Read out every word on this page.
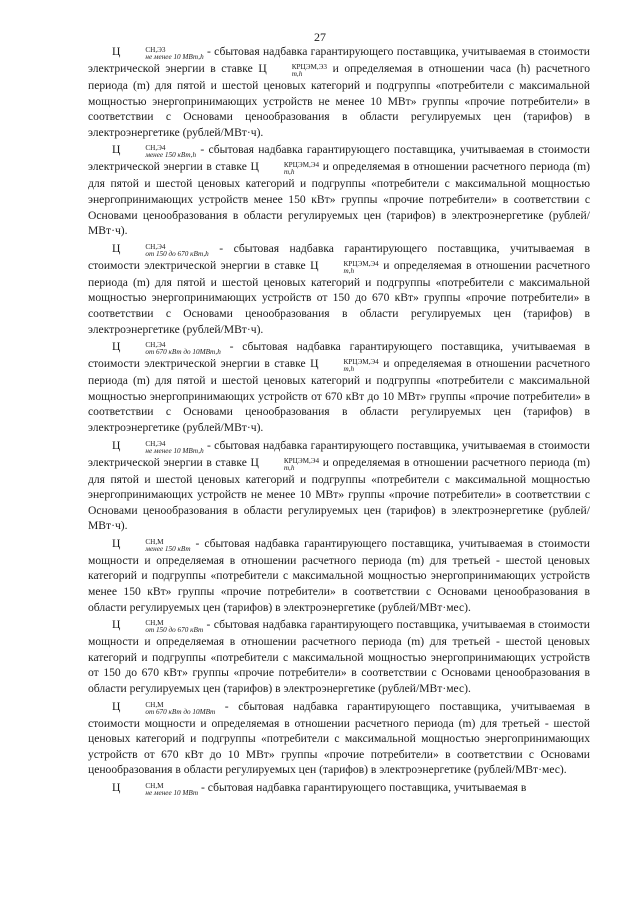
27

Ц	СН,Э3
не менее 10 МВт,h - сбытовая надбавка гарантирующего поставщика, учитываемая в стоимости электрической энергии в ставке Ц	КРЦЭМ,Э3
m,h	и определяемая в отношении часа (h) расчетного периода (m) для пятой и шестой ценовых категорий и подгруппы «потребители с максимальной мощностью энергопринимающих устройств не менее 10 МВт» группы «прочие потребители» в соответствии с Основами ценообразования в области регулируемых цен (тарифов) в электроэнергетике (рублей/МВт·ч).

Ц	СН,Э4
менее 150 кВт,h - сбытовая надбавка гарантирующего поставщика, учитываемая в стоимости электрической энергии в ставке Ц	КРЦЭМ,Э4
m,h	и определяемая в отношении расчетного периода (m) для пятой и шестой ценовых категорий и подгруппы «потребители с максимальной мощностью энергопринимающих устройств менее 150 кВт» группы «прочие потребители» в соответствии с Основами ценообразования в области регулируемых цен (тарифов) в электроэнергетике (рублей/МВт·ч).

Ц	СН,Э4
от 150 до 670 кВт,h - сбытовая надбавка гарантирующего поставщика, учитываемая в стоимости электрической энергии в ставке Ц	КРЦЭМ,Э4
m,h	и определяемая в отношении расчетного периода (m) для пятой и шестой ценовых категорий и подгруппы «потребители с максимальной мощностью энергопринимающих устройств от 150 до 670 кВт» группы «прочие потребители» в соответствии с Основами ценообразования в области регулируемых цен (тарифов) в электроэнергетике (рублей/МВт·ч).

Ц	СН,Э4
от 670 кВт до 10МВт,h - сбытовая надбавка гарантирующего поставщика, учитываемая в стоимости электрической энергии в ставке Ц	КРЦЭМ,Э4
m,h	и определяемая в отношении расчетного периода (m) для пятой и шестой ценовых категорий и подгруппы «потребители с максимальной мощностью энергопринимающих устройств от 670 кВт до 10 МВт» группы «прочие потребители» в соответствии с Основами ценообразования в области регулируемых цен (тарифов) в электроэнергетике (рублей/МВт·ч).

Ц	СН,Э4
не менее 10 МВт,h - сбытовая надбавка гарантирующего поставщика, учитываемая в стоимости электрической энергии в ставке Ц	КРЦЭМ,Э4
m,h	и определяемая в отношении расчетного периода (m) для пятой и шестой ценовых категорий и подгруппы «потребители с максимальной мощностью энергопринимающих устройств не менее 10 МВт» группы «прочие потребители» в соответствии с Основами ценообразования в области регулируемых цен (тарифов) в электроэнергетике (рублей/МВт·ч).

Ц	СН,М
менее 150 кВт - сбытовая надбавка гарантирующего поставщика, учитываемая в стоимости мощности и определяемая в отношении расчетного периода (m) для третьей - шестой ценовых категорий и подгруппы «потребители с максимальной мощностью энергопринимающих устройств менее 150 кВт» группы «прочие потребители» в соответствии с Основами ценообразования в области регулируемых цен (тарифов) в электроэнергетике (рублей/МВт·мес).

Ц	СН,М
от 150 до 670 кВт - сбытовая надбавка гарантирующего поставщика, учитываемая в стоимости мощности и определяемая в отношении расчетного периода (m) для третьей - шестой ценовых категорий и подгруппы «потребители с максимальной мощностью энергопринимающих устройств от 150 до 670 кВт» группы «прочие потребители» в соответствии с Основами ценообразования в области регулируемых цен (тарифов) в электроэнергетике (рублей/МВт·мес).

Ц	СН,М
от 670 кВт до 10МВт - сбытовая надбавка гарантирующего поставщика, учитываемая в стоимости мощности и определяемая в отношении расчетного периода (m) для третьей - шестой ценовых категорий и подгруппы «потребители с максимальной мощностью энергопринимающих устройств от 670 кВт до 10 МВт» группы «прочие потребители» в соответствии с Основами ценообразования в области регулируемых цен (тарифов) в электроэнергетике (рублей/МВт·мес).

Ц	СН,М
не менее 10 МВт - сбытовая надбавка гарантирующего поставщика, учитываемая в
